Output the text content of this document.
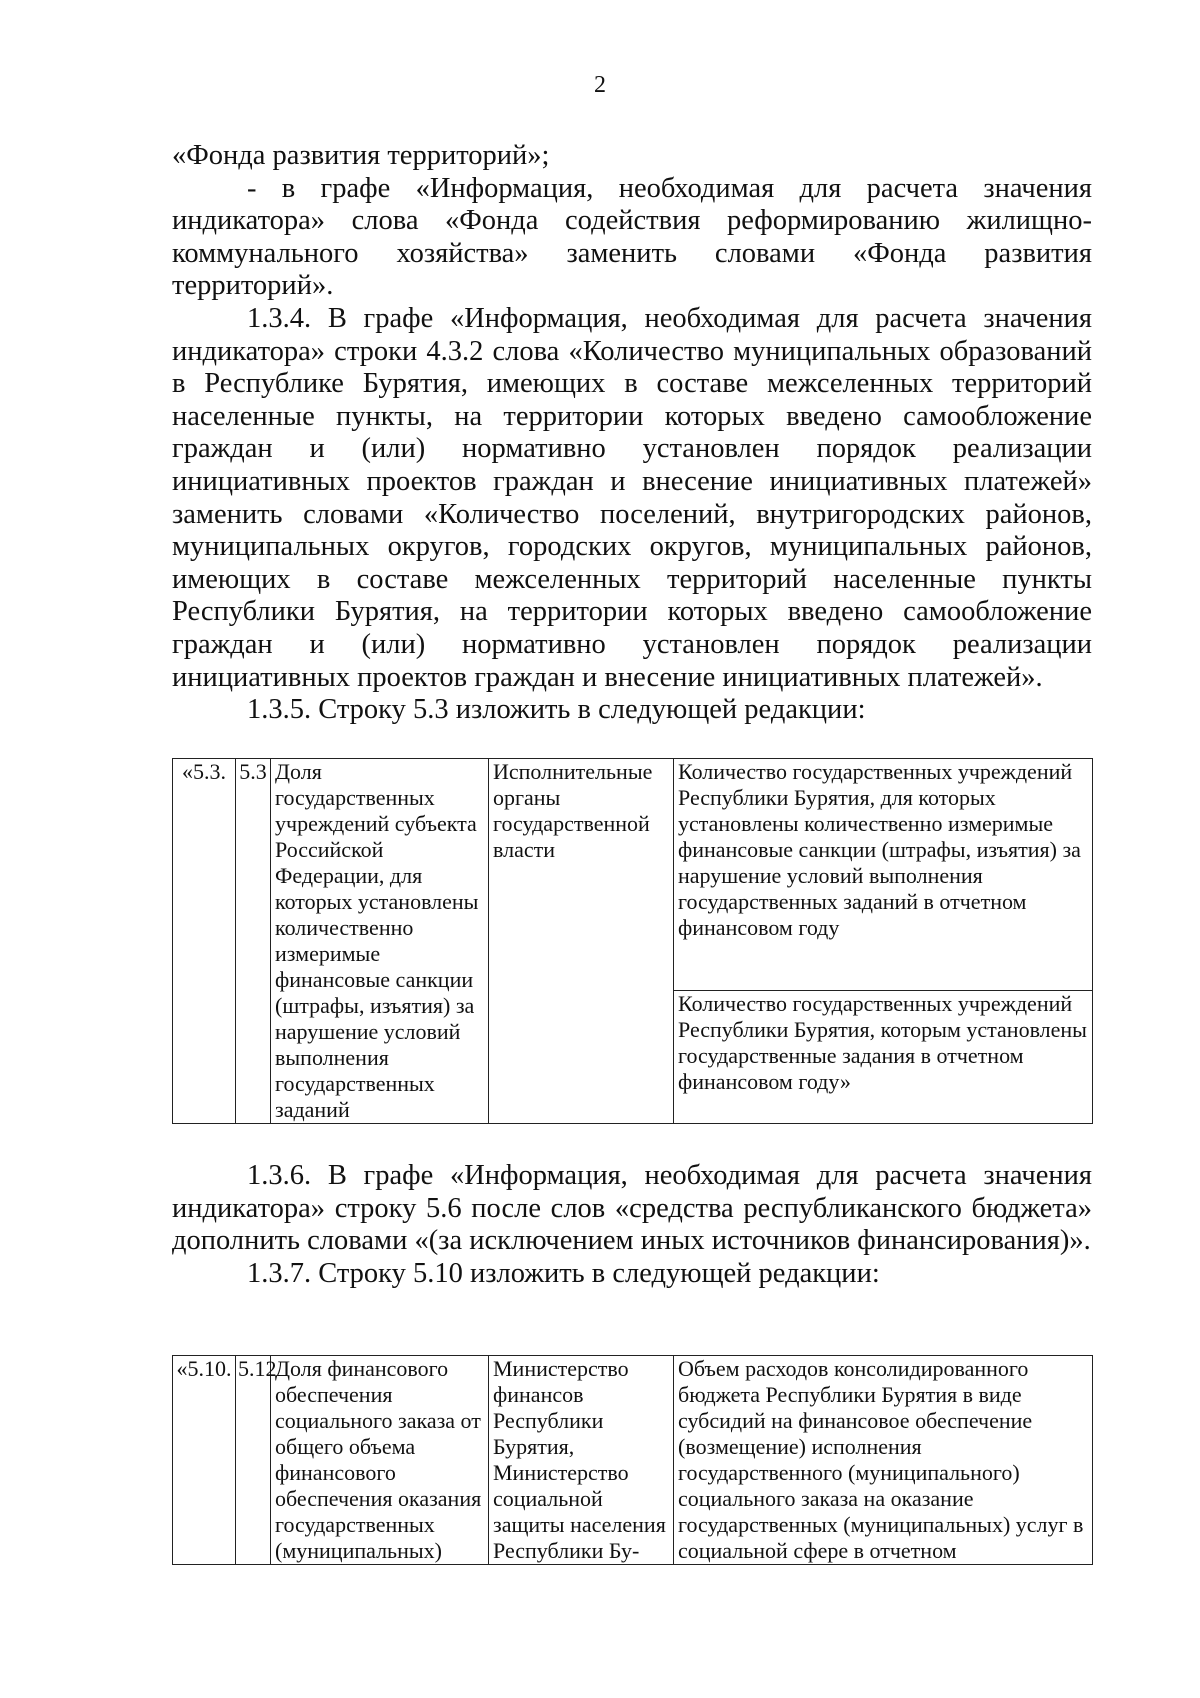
2

«Фонда развития территорий»;

- в графе «Информация, необходимая для расчета значения индикатора» слова «Фонда содействия реформированию жилищно-коммунального хозяйства» заменить словами «Фонда развития территорий».

1.3.4. В графе «Информация, необходимая для расчета значения индикатора» строки 4.3.2 слова «Количество муниципальных образований в Республике Бурятия, имеющих в составе межселенных территорий населенные пункты, на территории которых введено самообложение граждан и (или) нормативно установлен порядок реализации инициативных проектов граждан и внесение инициативных платежей» заменить словами «Количество поселений, внутригородских районов, муниципальных округов, городских округов, муниципальных районов, имеющих в составе межселенных территорий населенные пункты Республики Бурятия, на территории которых введено самообложение граждан и (или) нормативно установлен порядок реализации инициативных проектов граждан и внесение инициативных платежей».

1.3.5. Строку 5.3 изложить в следующей редакции:

«5.3.	5.3	Доля государственных учреждений субъекта Российской Федерации, для которых установлены количественно измеримые финансовые санкции (штрафы, изъятия) за нарушение условий выполнения государственных заданий	Исполнительные органы государственной власти	Количество государственных учреждений Республики Бурятия, для которых установлены количественно измеримые финансовые санкции (штрафы, изъятия) за нарушение условий выполнения государственных заданий в отчетном финансовом году
Количество государственных учреждений Республики Бурятия, которым установлены государственные задания в отчетном финансовом году»

1.3.6. В графе «Информация, необходимая для расчета значения индикатора» строку 5.6 после слов «средства республиканского бюджета» дополнить словами «(за исключением иных источников финансирования)».

1.3.7. Строку 5.10 изложить в следующей редакции:

«5.10.	5.12	Доля финансового обеспечения социального заказа от общего объема финансового обеспечения оказания государственных (муниципальных)	Министерство финансов Республики Бурятия, Министерство социальной защиты населения Республики Бу-	Объем расходов консолидированного бюджета Республики Бурятия в виде субсидий на финансовое обеспечение (возмещение) исполнения государственного (муниципального) социального заказа на оказание государственных (муниципальных) услуг в социальной сфере в отчетном
